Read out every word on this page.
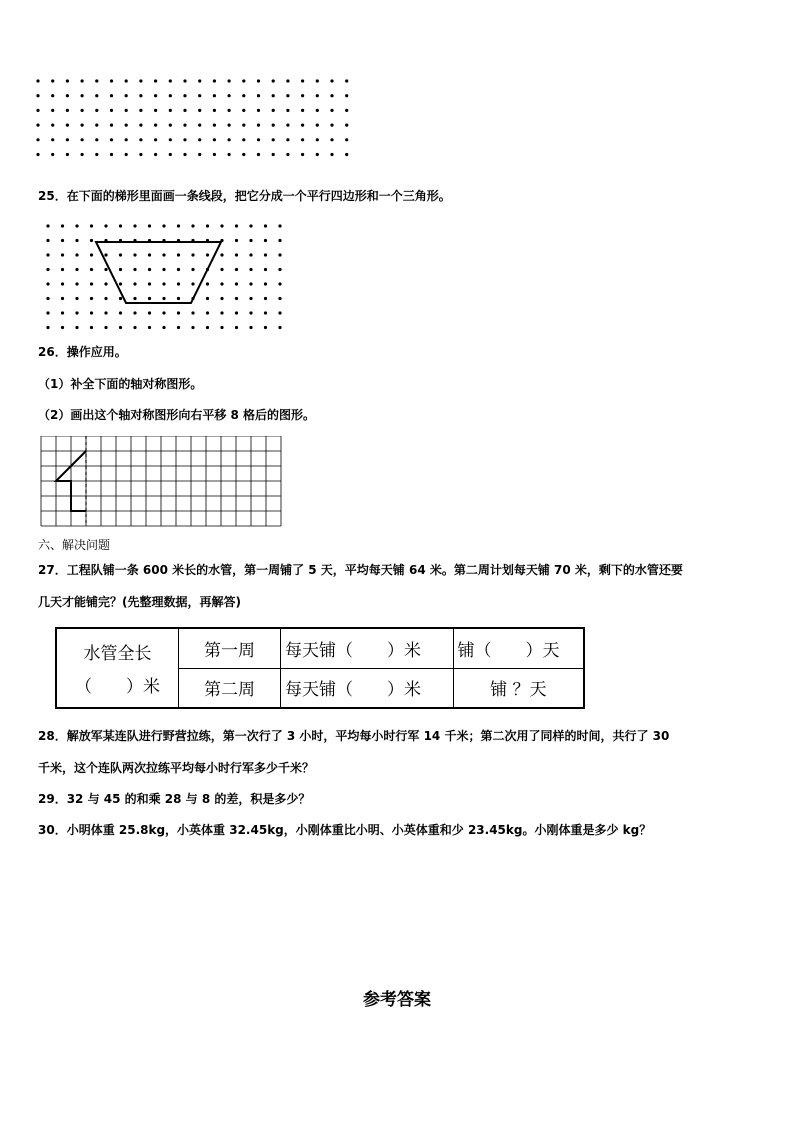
25．在下面的梯形里面画一条线段，把它分成一个平行四边形和一个三角形。
26．操作应用。
（1）补全下面的轴对称图形。
（2）画出这个轴对称图形向右平移 8 格后的图形。
六、解决问题
27．工程队铺一条 600 米长的水管，第一周铺了 5 天，平均每天铺 64 米。第二周计划每天铺 70 米，剩下的水管还要
几天才能铺完？(先整理数据，再解答)
水管全长	第一周	每天铺（　　）米	铺（　　）天
（　　）米	第二周	每天铺（　　）米	铺 ？天
28．解放军某连队进行野营拉练，第一次行了 3 小时，平均每小时行军 14 千米；第二次用了同样的时间，共行了 30
千米，这个连队两次拉练平均每小时行军多少千米？
29．32 与 45 的和乘 28 与 8 的差，积是多少？
30．小明体重 25.8kg，小英体重 32.45kg，小刚体重比小明、小英体重和少 23.45kg。小刚体重是多少 kg？
参考答案
